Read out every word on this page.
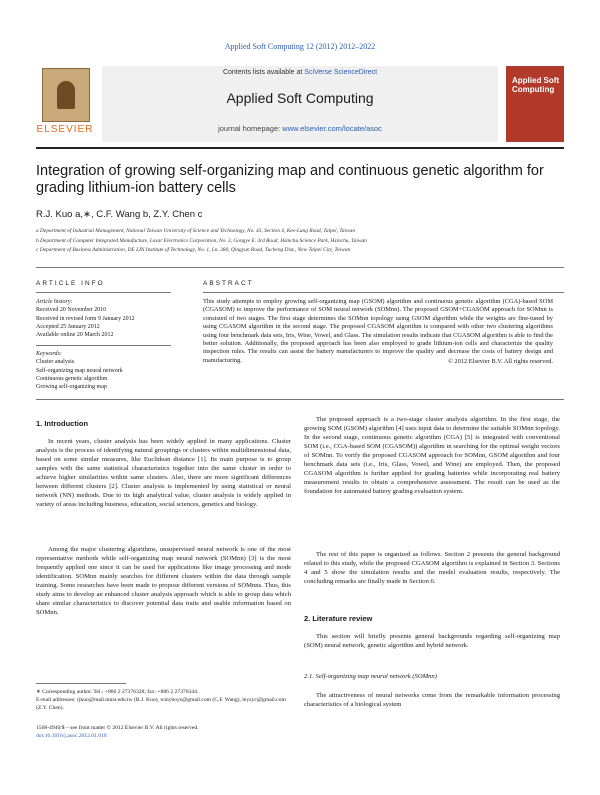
Applied Soft Computing 12 (2012) 2012–2022
ELSEVIER
Contents lists available at SciVerse ScienceDirect
Applied Soft Computing
journal homepage: www.elsevier.com/locate/asoc
Applied Soft Computing
Integration of growing self-organizing map and continuous genetic algorithm for grading lithium-ion battery cells
R.J. Kuo a,∗, C.F. Wang b, Z.Y. Chen c
a Department of Industrial Management, National Taiwan University of Science and Technology, No. 43, Section 4, Kee-Lung Road, Taipei, Taiwan
b Department of Computer Integrated Manufacture, Lexar Electronics Corporation, No. 3, Gongye E. 3rd Road, Hsinchu Science Park, Hsinchu, Taiwan
c Department of Business Administration, DE LIN Institute of Technology, No. 1, Ln. 380, Qingyun Road, Tucheng Dist., New Taipei City, Taiwan
ARTICLE INFO	ABSTRACT
Article history:
Received 20 November 2010
Received in revised form 9 January 2012
Accepted 25 January 2012
Available online 20 March 2012
Keywords:
Cluster analysis
Self-organizing map neural network
Continuous genetic algorithm
Growing self-organizing map
This study attempts to employ growing self-organizing map (GSOM) algorithm and continuous genetic algorithm (CGA)-based SOM (CGASOM) to improve the performance of SOM neural network (SOMnn). The proposed GSOM+CGASOM approach for SOMnn is consisted of two stages. The first stage determines the SOMnn topology using GSOM algorithm while the weights are fine-tuned by using CGASOM algorithm in the second stage. The proposed CGASOM algorithm is compared with other two clustering algorithms using four benchmark data sets, Iris, Wine, Vowel, and Glass. The simulation results indicate that CGASOM algorithm is able to find the better solution. Additionally, the proposed approach has been also employed to grade lithium-ion cells and characterize the quality inspection rules. The results can assist the battery manufacturers to improve the quality and decrease the costs of battery design and manufacturing.	© 2012 Elsevier B.V. All rights reserved.
1. Introduction
In recent years, cluster analysis has been widely applied in many applications. Cluster analysis is the process of identifying natural groupings or clusters within multidimensional data, based on some similar measures, like Euclidean distance [1]. Its main purpose is to group samples with the same statistical characteristics together into the same cluster in order to achieve higher similarities within same clusters. Also, there are more significant differences between different clusters [2]. Cluster analysis is implemented by using statistical or neural network (NN) methods. Due to its high analytical value, cluster analysis is widely applied in variety of areas including business, education, social sciences, genetics and biology.
Among the major clustering algorithms, unsupervised neural network is one of the most representative methods while self-organizing map neural network (SOMnn) [3] is the most frequently applied one since it can be used for applications like image processing and mode identification. SOMnn mainly searches for different clusters within the data through sample training. Some researches have been made to propose different versions of SOMnns. Thus, this study aims to develop an enhanced cluster analysis approach which is able to group data which share similar characteristics to discover potential data traits and usable information based on SOMnn.
∗ Corresponding author. Tel.: +886 2 27376328; fax: +886 2 27376344.
E-mail addresses: rjkuo@mail.ntust.edu.tw (R.J. Kuo), winyboys@gmail.com (C.F. Wang), leyzyc@gmail.com (Z.Y. Chen).
1568-4946/$ – see front matter © 2012 Elsevier B.V. All rights reserved.
doi:10.1016/j.asoc.2012.01.018
The proposed approach is a two-stage cluster analysis algorithm. In the first stage, the growing SOM (GSOM) algorithm [4] uses input data to determine the suitable SOMnn topology. In the second stage, continuous genetic algorithm (CGA) [5] is integrated with conventional SOM (i.e., CGA-based SOM (CGASOM)) algorithm in searching for the optimal weight vectors of SOMnn. To verify the proposed CGASOM approach for SOMnn, GSOM algorithm and four benchmark data sets (i.e., Iris, Glass, Vowel, and Wine) are employed. Then, the proposed CGASOM algorithm is further applied for grading batteries while incorporating real battery measurement results to obtain a comprehensive assessment. The result can be used as the foundation for automated battery grading evaluation system.
The rest of this paper is organized as follows. Section 2 presents the general background related to this study, while the proposed CGASOM algorithm is explained in Section 3. Sections 4 and 5 show the simulation results and the model evaluation results, respectively. The concluding remarks are finally made in Section 6.
2. Literature review
This section will briefly presents general backgrounds regarding self-organizing map (SOM) neural network, genetic algorithm and hybrid network.
2.1. Self-organizing map neural network (SOMnn)
The attractiveness of neural networks come from the remarkable information processing characteristics of a biological system
